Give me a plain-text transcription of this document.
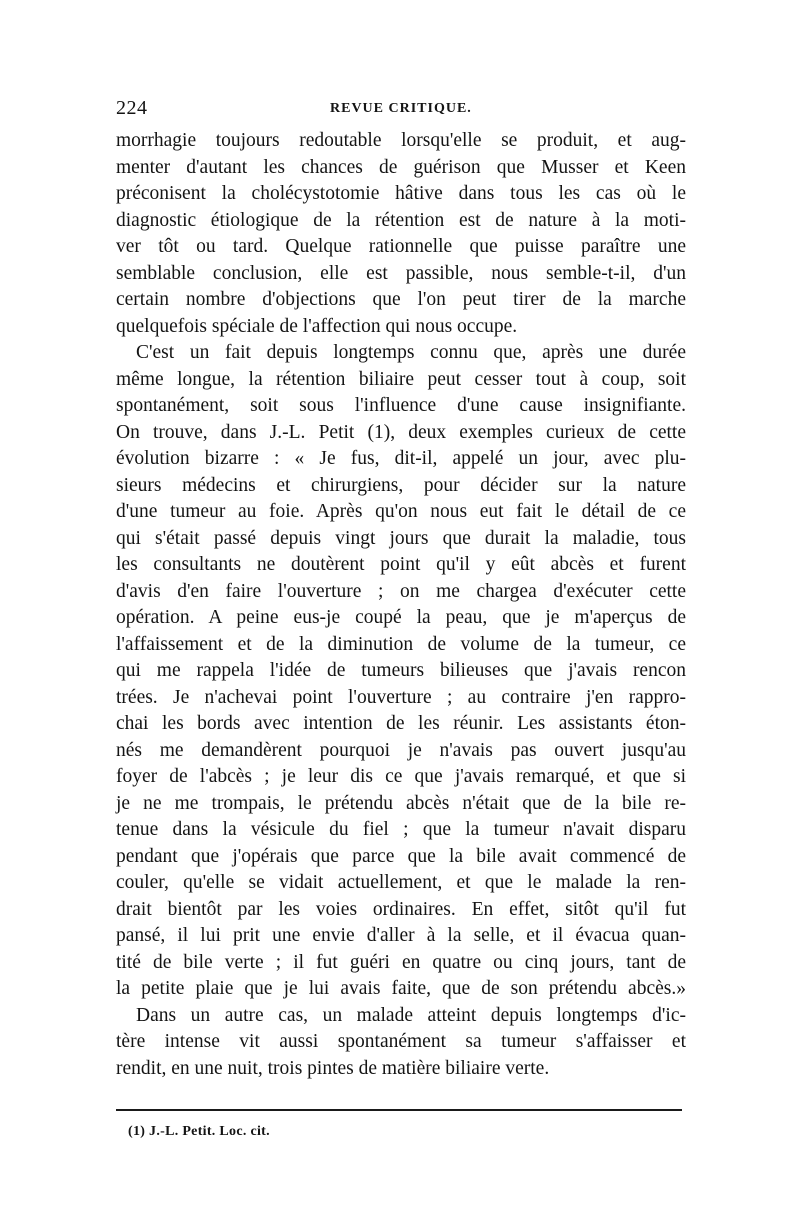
224	REVUE CRITIQUE.
morrhagie toujours redoutable lorsqu'elle se produit, et aug-
menter d'autant les chances de guérison que Musser et Keen
préconisent la cholécystotomie hâtive dans tous les cas où le
diagnostic étiologique de la rétention est de nature à la moti-
ver tôt ou tard. Quelque rationnelle que puisse paraître une
semblable conclusion, elle est passible, nous semble-t-il, d'un
certain nombre d'objections que l'on peut tirer de la marche
quelquefois spéciale de l'affection qui nous occupe.
C'est un fait depuis longtemps connu que, après une durée
même longue, la rétention biliaire peut cesser tout à coup, soit
spontanément, soit sous l'influence d'une cause insignifiante.
On trouve, dans J.-L. Petit (1), deux exemples curieux de cette
évolution bizarre : « Je fus, dit-il, appelé un jour, avec plu-
sieurs médecins et chirurgiens, pour décider sur la nature
d'une tumeur au foie. Après qu'on nous eut fait le détail de ce
qui s'était passé depuis vingt jours que durait la maladie, tous
les consultants ne doutèrent point qu'il y eût abcès et furent
d'avis d'en faire l'ouverture ; on me chargea d'exécuter cette
opération. A peine eus-je coupé la peau, que je m'aperçus de
l'affaissement et de la diminution de volume de la tumeur, ce
qui me rappela l'idée de tumeurs bilieuses que j'avais rencon
trées. Je n'achevai point l'ouverture ; au contraire j'en rappro-
chai les bords avec intention de les réunir. Les assistants éton-
nés me demandèrent pourquoi je n'avais pas ouvert jusqu'au
foyer de l'abcès ; je leur dis ce que j'avais remarqué, et que si
je ne me trompais, le prétendu abcès n'était que de la bile re-
tenue dans la vésicule du fiel ; que la tumeur n'avait disparu
pendant que j'opérais que parce que la bile avait commencé de
couler, qu'elle se vidait actuellement, et que le malade la ren-
drait bientôt par les voies ordinaires. En effet, sitôt qu'il fut
pansé, il lui prit une envie d'aller à la selle, et il évacua quan-
tité de bile verte ; il fut guéri en quatre ou cinq jours, tant de
la petite plaie que je lui avais faite, que de son prétendu abcès.»
Dans un autre cas, un malade atteint depuis longtemps d'ic-
tère intense vit aussi spontanément sa tumeur s'affaisser et
rendit, en une nuit, trois pintes de matière biliaire verte.
(1) J.-L. Petit. Loc. cit.
